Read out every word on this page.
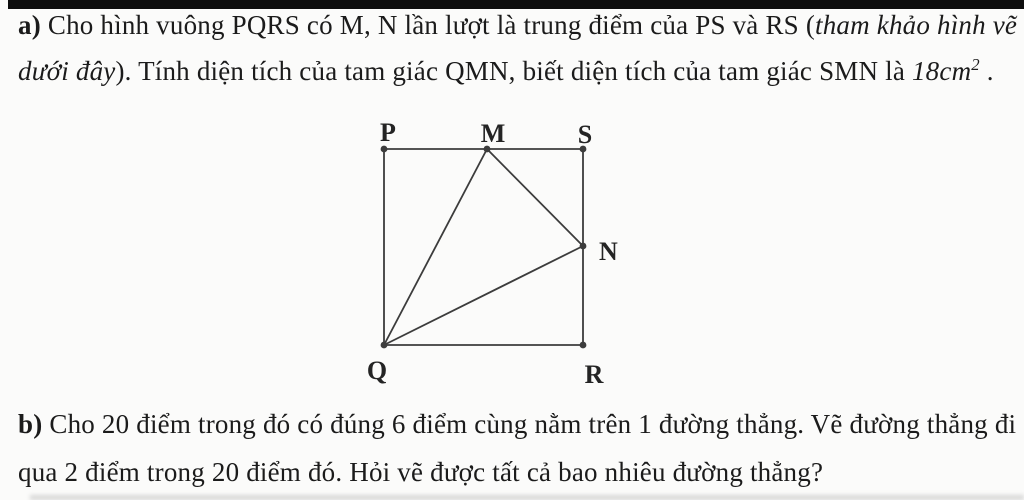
a) Cho hình vuông PQRS có M, N lần lượt là trung điểm của PS và RS (tham khảo hình vẽ

dưới đây). Tính diện tích của tam giác QMN, biết diện tích của tam giác SMN là $18cm^2$ .

P	M	S
N
Q	R

b) Cho 20 điểm trong đó có đúng 6 điểm cùng nằm trên 1 đường thẳng. Vẽ đường thẳng đi

qua 2 điểm trong 20 điểm đó. Hỏi vẽ được tất cả bao nhiêu đường thẳng?
